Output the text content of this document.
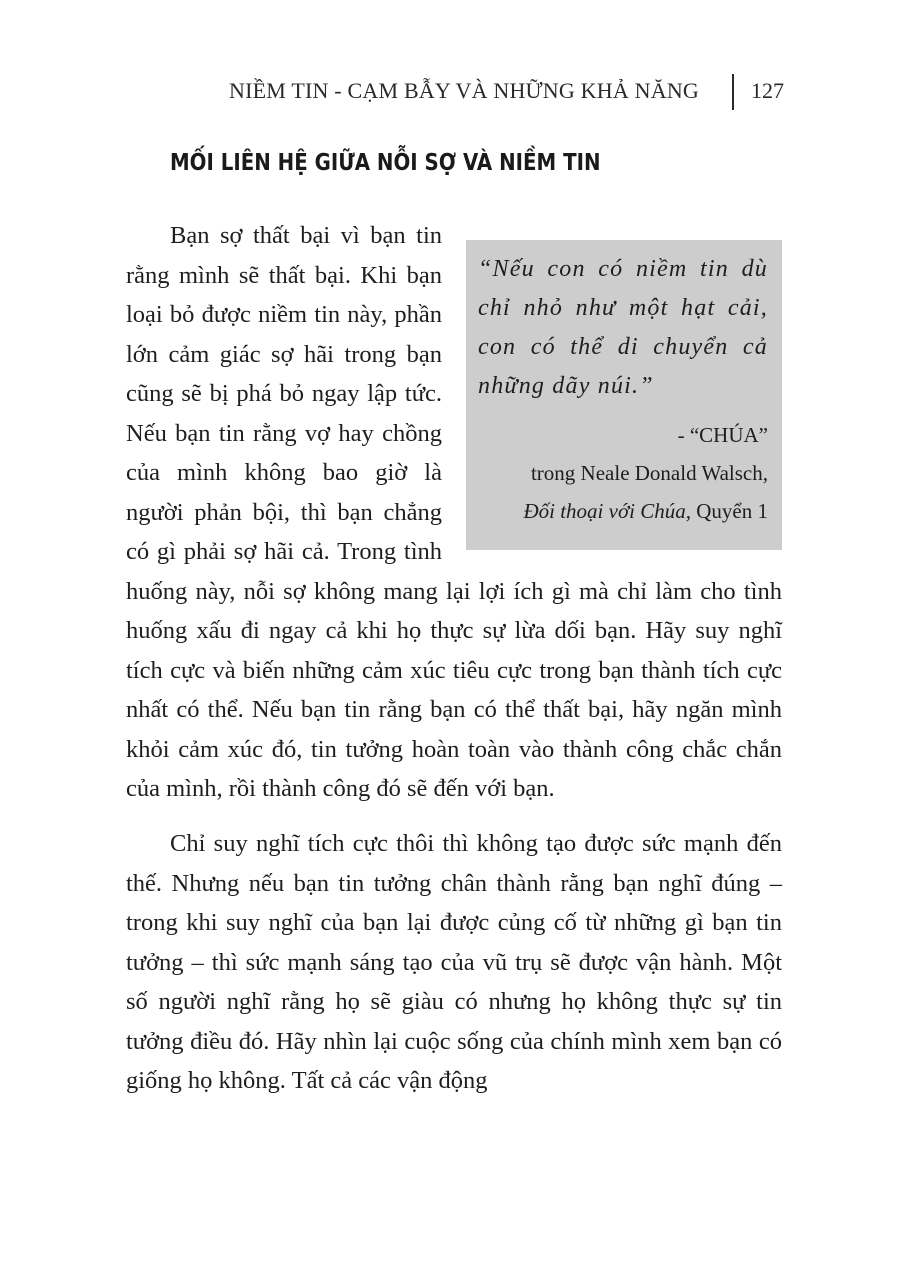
NIỀM TIN - CẠM BẪY VÀ NHỮNG KHẢ NĂNG 127
MỐI LIÊN HỆ GIỮA NỖI SỢ VÀ NIỀM TIN

“Nếu con có niềm tin dù chỉ nhỏ như một hạt cải, con có thể di chuyển cả những dãy núi.”

- “CHÚA”
trong Neale Donald Walsch,
Đối thoại với Chúa, Quyển 1

Bạn sợ thất bại vì bạn tin rằng mình sẽ thất bại. Khi bạn loại bỏ được niềm tin này, phần lớn cảm giác sợ hãi trong bạn cũng sẽ bị phá bỏ ngay lập tức. Nếu bạn tin rằng vợ hay chồng của mình không bao giờ là người phản bội, thì bạn chẳng có gì phải sợ hãi cả. Trong tình huống này, nỗi sợ không mang lại lợi ích gì mà chỉ làm cho tình huống xấu đi ngay cả khi họ thực sự lừa dối bạn. Hãy suy nghĩ tích cực và biến những cảm xúc tiêu cực trong bạn thành tích cực nhất có thể. Nếu bạn tin rằng bạn có thể thất bại, hãy ngăn mình khỏi cảm xúc đó, tin tưởng hoàn toàn vào thành công chắc chắn của mình, rồi thành công đó sẽ đến với bạn.

Chỉ suy nghĩ tích cực thôi thì không tạo được sức mạnh đến thế. Nhưng nếu bạn tin tưởng chân thành rằng bạn nghĩ đúng – trong khi suy nghĩ của bạn lại được củng cố từ những gì bạn tin tưởng – thì sức mạnh sáng tạo của vũ trụ sẽ được vận hành. Một số người nghĩ rằng họ sẽ giàu có nhưng họ không thực sự tin tưởng điều đó. Hãy nhìn lại cuộc sống của chính mình xem bạn có giống họ không. Tất cả các vận động
